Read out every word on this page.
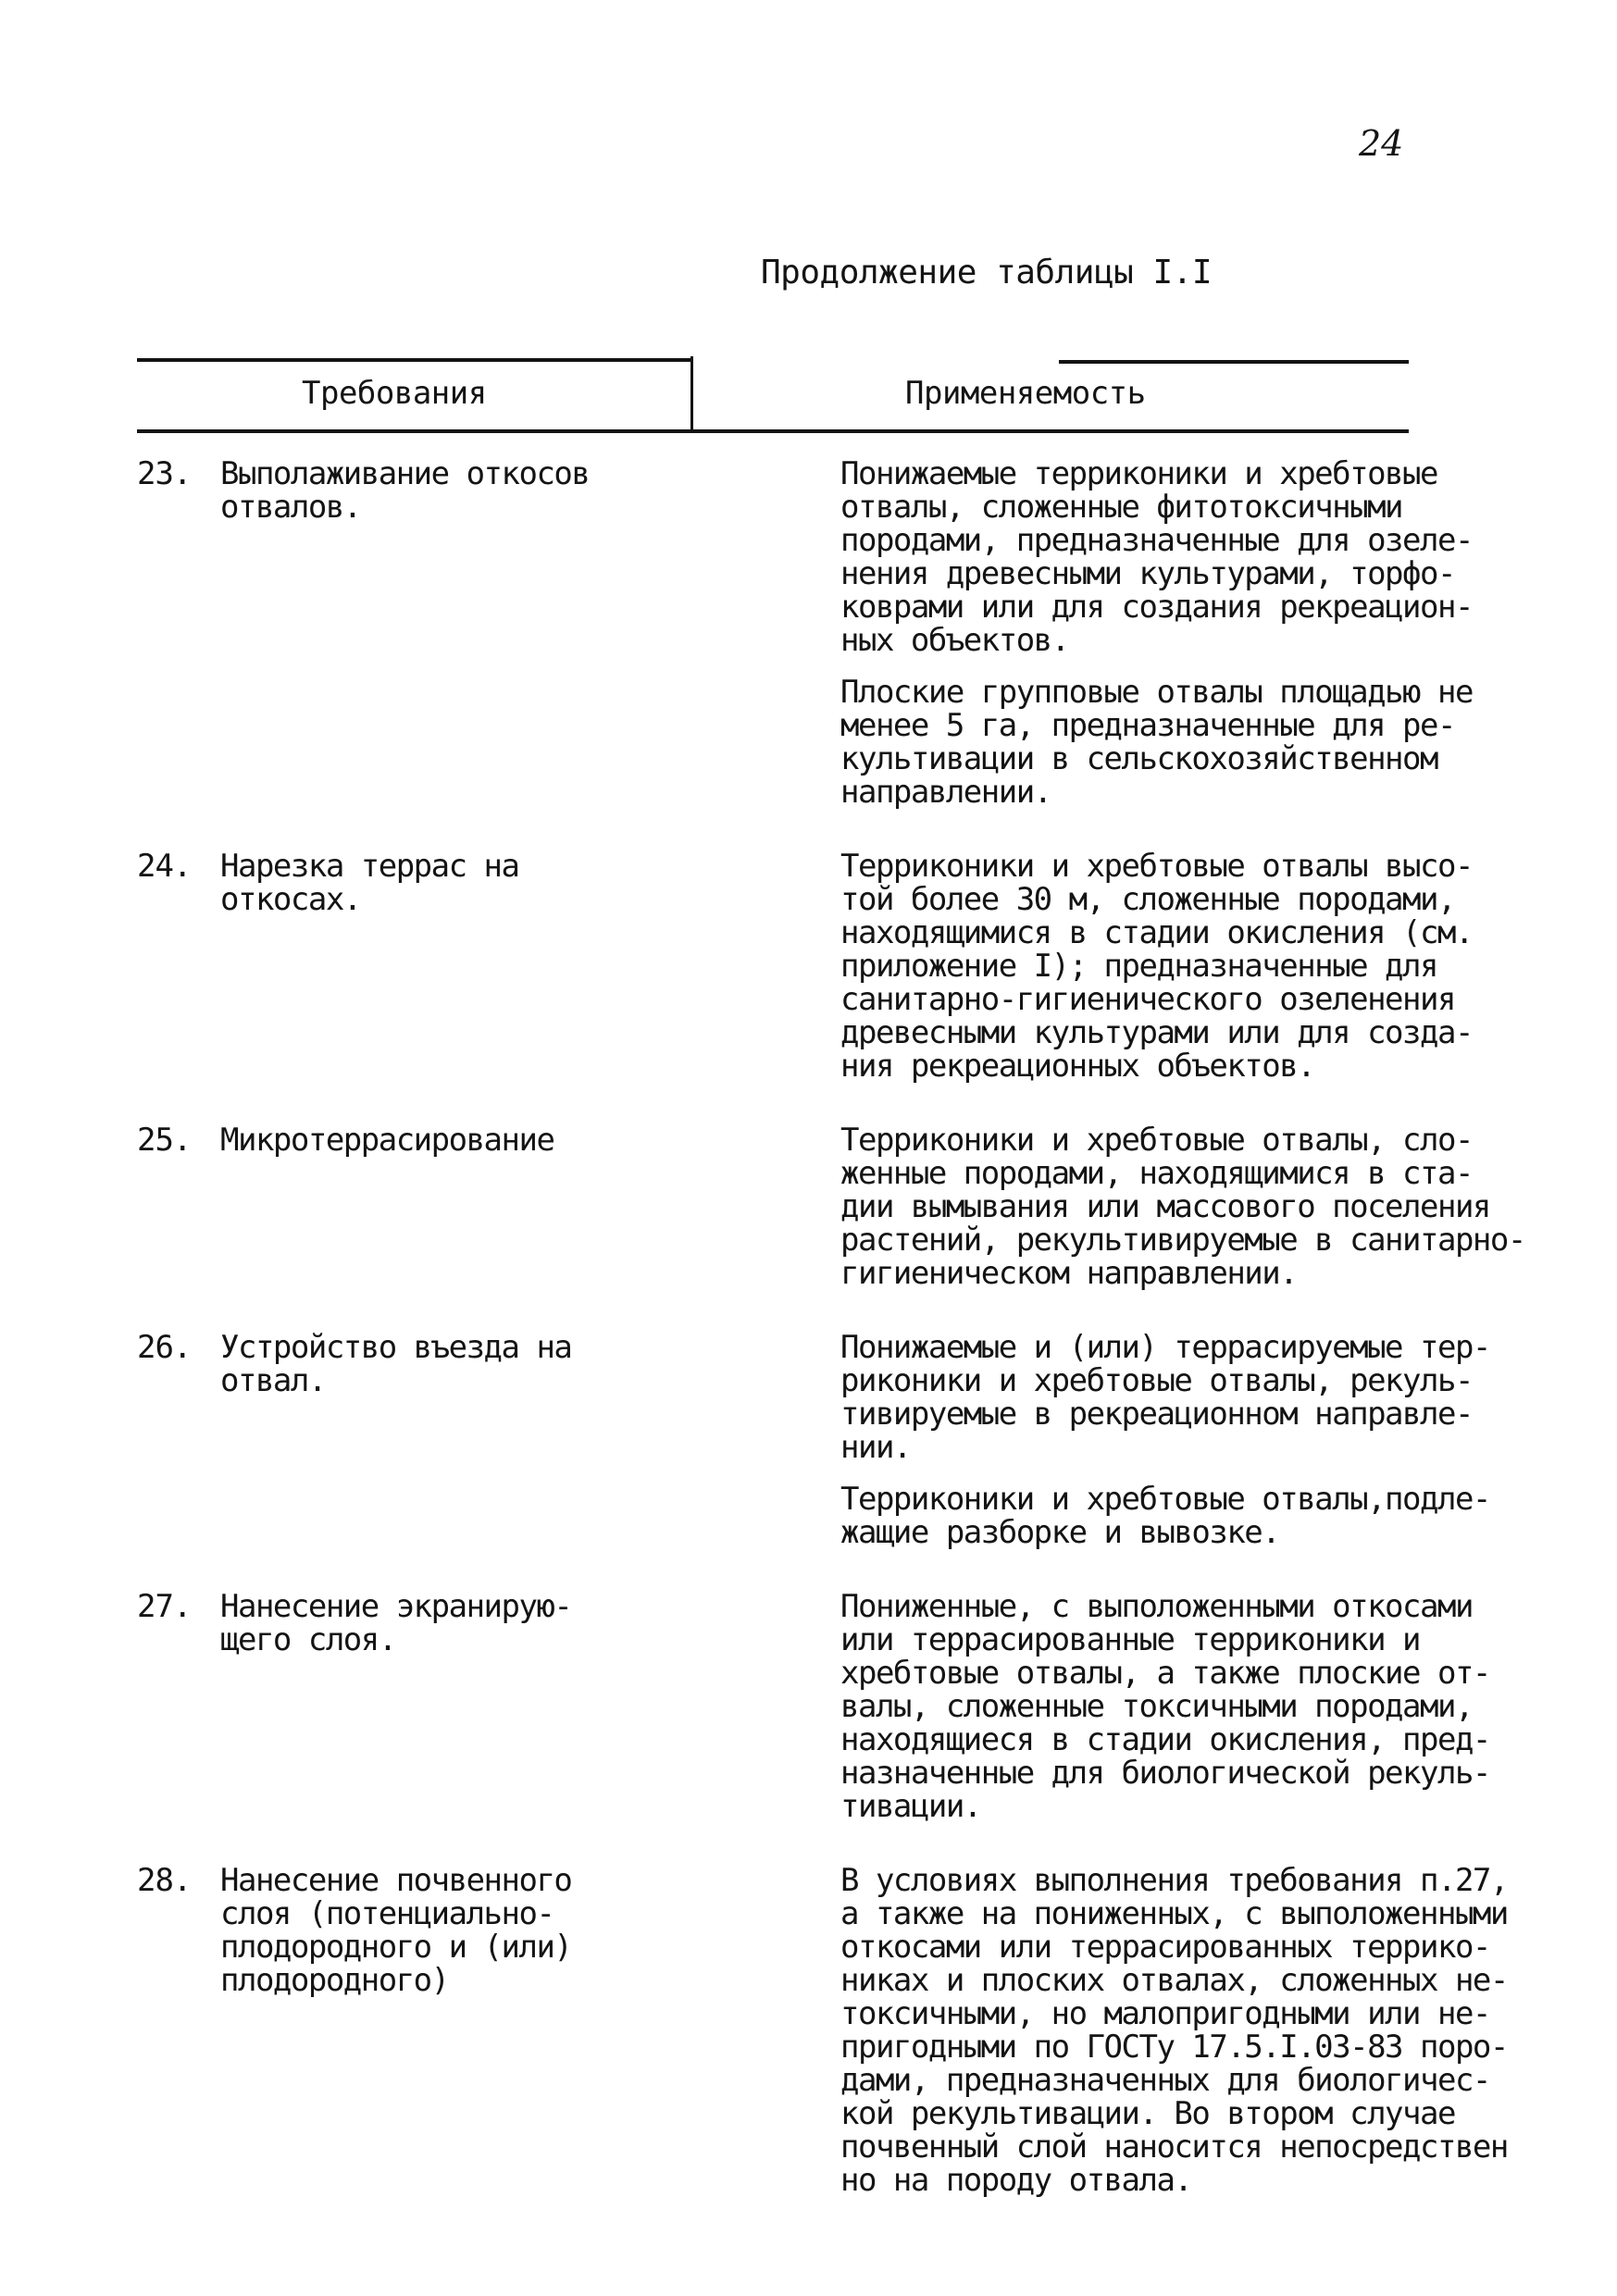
24
Продолжение таблицы I.I
Требования	Применяемость
23. Выполаживание откосов
отвалов.

Понижаемые терриконики и хребтовые
отвалы, сложенные фитотоксичными
породами, предназначенные для озеле-
нения древесными культурами, торфо-
коврами или для создания рекреацион-
ных объектов.

Плоские групповые отвалы площадью не
менее 5 га, предназначенные для ре-
культивации в сельскохозяйственном
направлении.

24. Нарезка террас на
откосах.

Терриконики и хребтовые отвалы высо-
той более 30 м, сложенные породами,
находящимися в стадии окисления (см.
приложение I); предназначенные для
санитарно-гигиенического озеленения
древесными культурами или для созда-
ния рекреационных объектов.

25. Микротеррасирование	Терриконики и хребтовые отвалы, сло-
женные породами, находящимися в ста-
дии вымывания или массового поселения
растений, рекультивируемые в санитарно-
гигиеническом направлении.

26. Устройство въезда на
отвал.

Понижаемые и (или) террасируемые тер-
риконики и хребтовые отвалы, рекуль-
тивируемые в рекреационном направле-
нии.

Терриконики и хребтовые отвалы,подле-
жащие разборке и вывозке.

27. Нанесение экранирую-
щего слоя.

Пониженные, с выположенными откосами
или террасированные терриконики и
хребтовые отвалы, а также плоские от-
валы, сложенные токсичными породами,
находящиеся в стадии окисления, пред-
назначенные для биологической рекуль-
тивации.

28. Нанесение почвенного
слоя (потенциально-
плодородного и (или)
плодородного)

В условиях выполнения требования п.27,
а также на пониженных, с выположенными
откосами или террасированных террико-
никах и плоских отвалах, сложенных не-
токсичными, но малопригодными или не-
пригодными по ГОСТу 17.5.I.03-83 поро-
дами, предназначенных для биологичес-
кой рекультивации. Во втором случае
почвенный слой наносится непосредствен
но на породу отвала.
